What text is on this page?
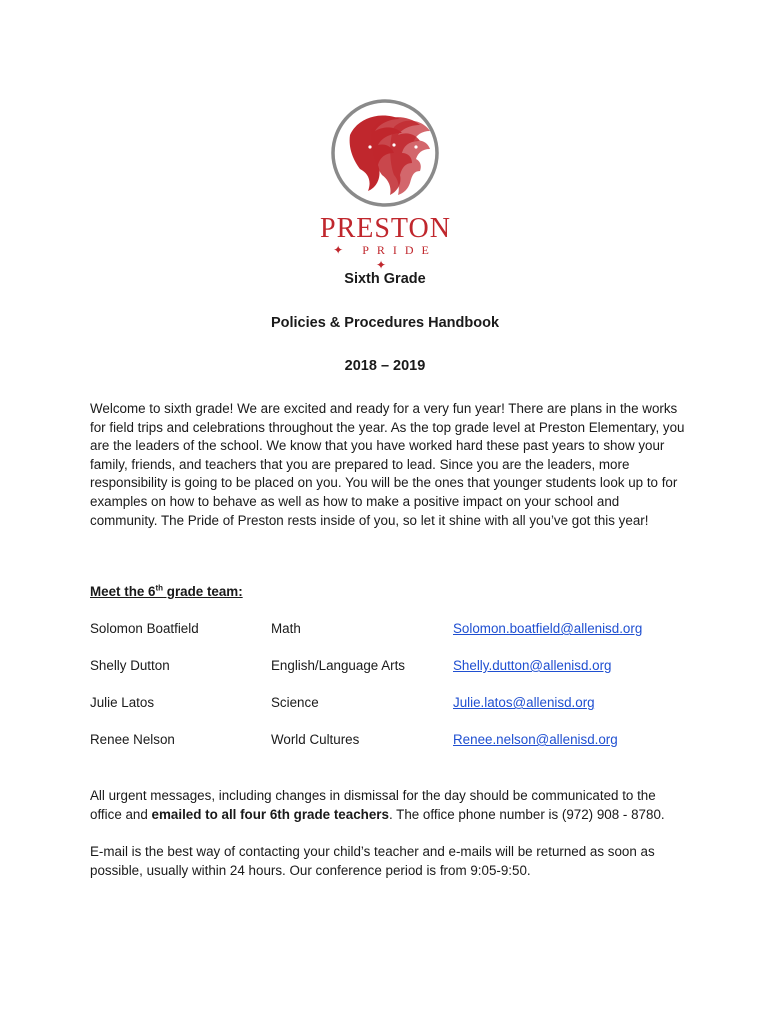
PRESTON
✦ PRIDE ✦
Sixth Grade
Policies & Procedures Handbook
2018 – 2019
Welcome to sixth grade! We are excited and ready for a very fun year! There are plans in the works for field trips and celebrations throughout the year. As the top grade level at Preston Elementary, you are the leaders of the school. We know that you have worked hard these past years to show your family, friends, and teachers that you are prepared to lead. Since you are the leaders, more responsibility is going to be placed on you. You will be the ones that younger students look up to for examples on how to behave as well as how to make a positive impact on your school and community. The Pride of Preston rests inside of you, so let it shine with all you’ve got this year!
Meet the 6th grade team:
Solomon Boatfield	Math	Solomon.boatfield@allenisd.org
Shelly Dutton	English/Language Arts	Shelly.dutton@allenisd.org
Julie Latos	Science	Julie.latos@allenisd.org
Renee Nelson	World Cultures	Renee.nelson@allenisd.org
All urgent messages, including changes in dismissal for the day should be communicated to the office and emailed to all four 6th grade teachers. The office phone number is (972) 908 - 8780.
E-mail is the best way of contacting your child’s teacher and e-mails will be returned as soon as possible, usually within 24 hours. Our conference period is from 9:05-9:50.
